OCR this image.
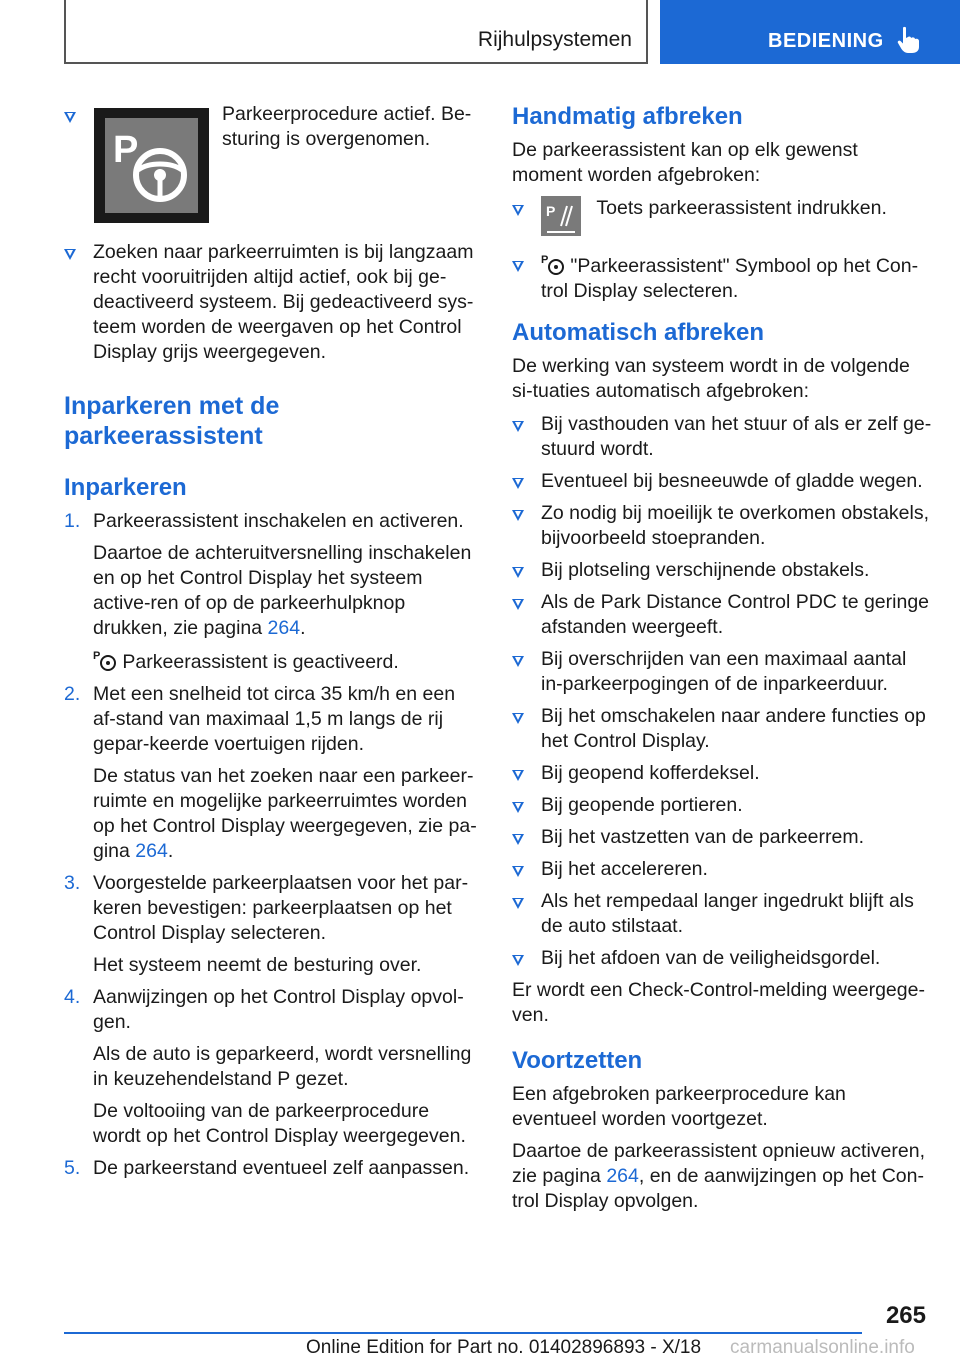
Rijhulpsystemen	BEDIENING
P

Parkeerprocedure actief. Be-
sturing is overgenomen.

Zoeken naar parkeerruimten is bij langzaam recht vooruitrijden altijd actief, ook bij ge-deactiveerd systeem. Bij gedeactiveerd sys-teem worden de weergaven op het Control Display grijs weergegeven.
Inparkeren met de
parkeerassistent
Inparkeren
1. Parkeerassistent inschakelen en activeren.

Daartoe de achteruitversnelling inschakelen en op het Control Display het systeem active-ren of op de parkeerhulpknop drukken, zie pagina 264.

P Parkeerassistent is geactiveerd.

2. Met een snelheid tot circa 35 km/h en een af-stand van maximaal 1,5 m langs de rij gepar-keerde voertuigen rijden.

De status van het zoeken naar een parkeer-ruimte en mogelijke parkeerruimtes worden op het Control Display weergegeven, zie pa-gina 264.

3. Voorgestelde parkeerplaatsen voor het par-keren bevestigen: parkeerplaatsen op het Control Display selecteren.

Het systeem neemt de besturing over.

4. Aanwijzingen op het Control Display opvol-gen.

Als de auto is geparkeerd, wordt versnelling in keuzehendelstand P gezet.

De voltooiing van de parkeerprocedure wordt op het Control Display weergegeven.

5. De parkeerstand eventueel zelf aanpassen.
Handmatig afbreken

De parkeerassistent kan op elk gewenst moment worden afgebroken:

P Toets parkeerassistent indrukken.
P "Parkeerassistent" Symbool op het Con-trol Display selecteren.
Automatisch afbreken

De werking van systeem wordt in de volgende si-tuaties automatisch afgebroken:

Bij vasthouden van het stuur of als er zelf ge-stuurd wordt.
Eventueel bij besneeuwde of gladde wegen.
Zo nodig bij moeilijk te overkomen obstakels, bijvoorbeeld stoepranden.
Bij plotseling verschijnende obstakels.
Als de Park Distance Control PDC te geringe afstanden weergeeft.
Bij overschrijden van een maximaal aantal in-parkeerpogingen of de inparkeerduur.
Bij het omschakelen naar andere functies op het Control Display.
Bij geopend kofferdeksel.
Bij geopende portieren.
Bij het vastzetten van de parkeerrem.
Bij het accelereren.
Als het rempedaal langer ingedrukt blijft als de auto stilstaat.
Bij het afdoen van de veiligheidsgordel.

Er wordt een Check-Control-melding weergege-ven.

Voortzetten

Een afgebroken parkeerprocedure kan eventueel worden voortgezet.

Daartoe de parkeerassistent opnieuw activeren, zie pagina 264, en de aanwijzingen op het Con-trol Display opvolgen.

265
Online Edition for Part no. 01402896893 - X/18 carmanualsonline.info
